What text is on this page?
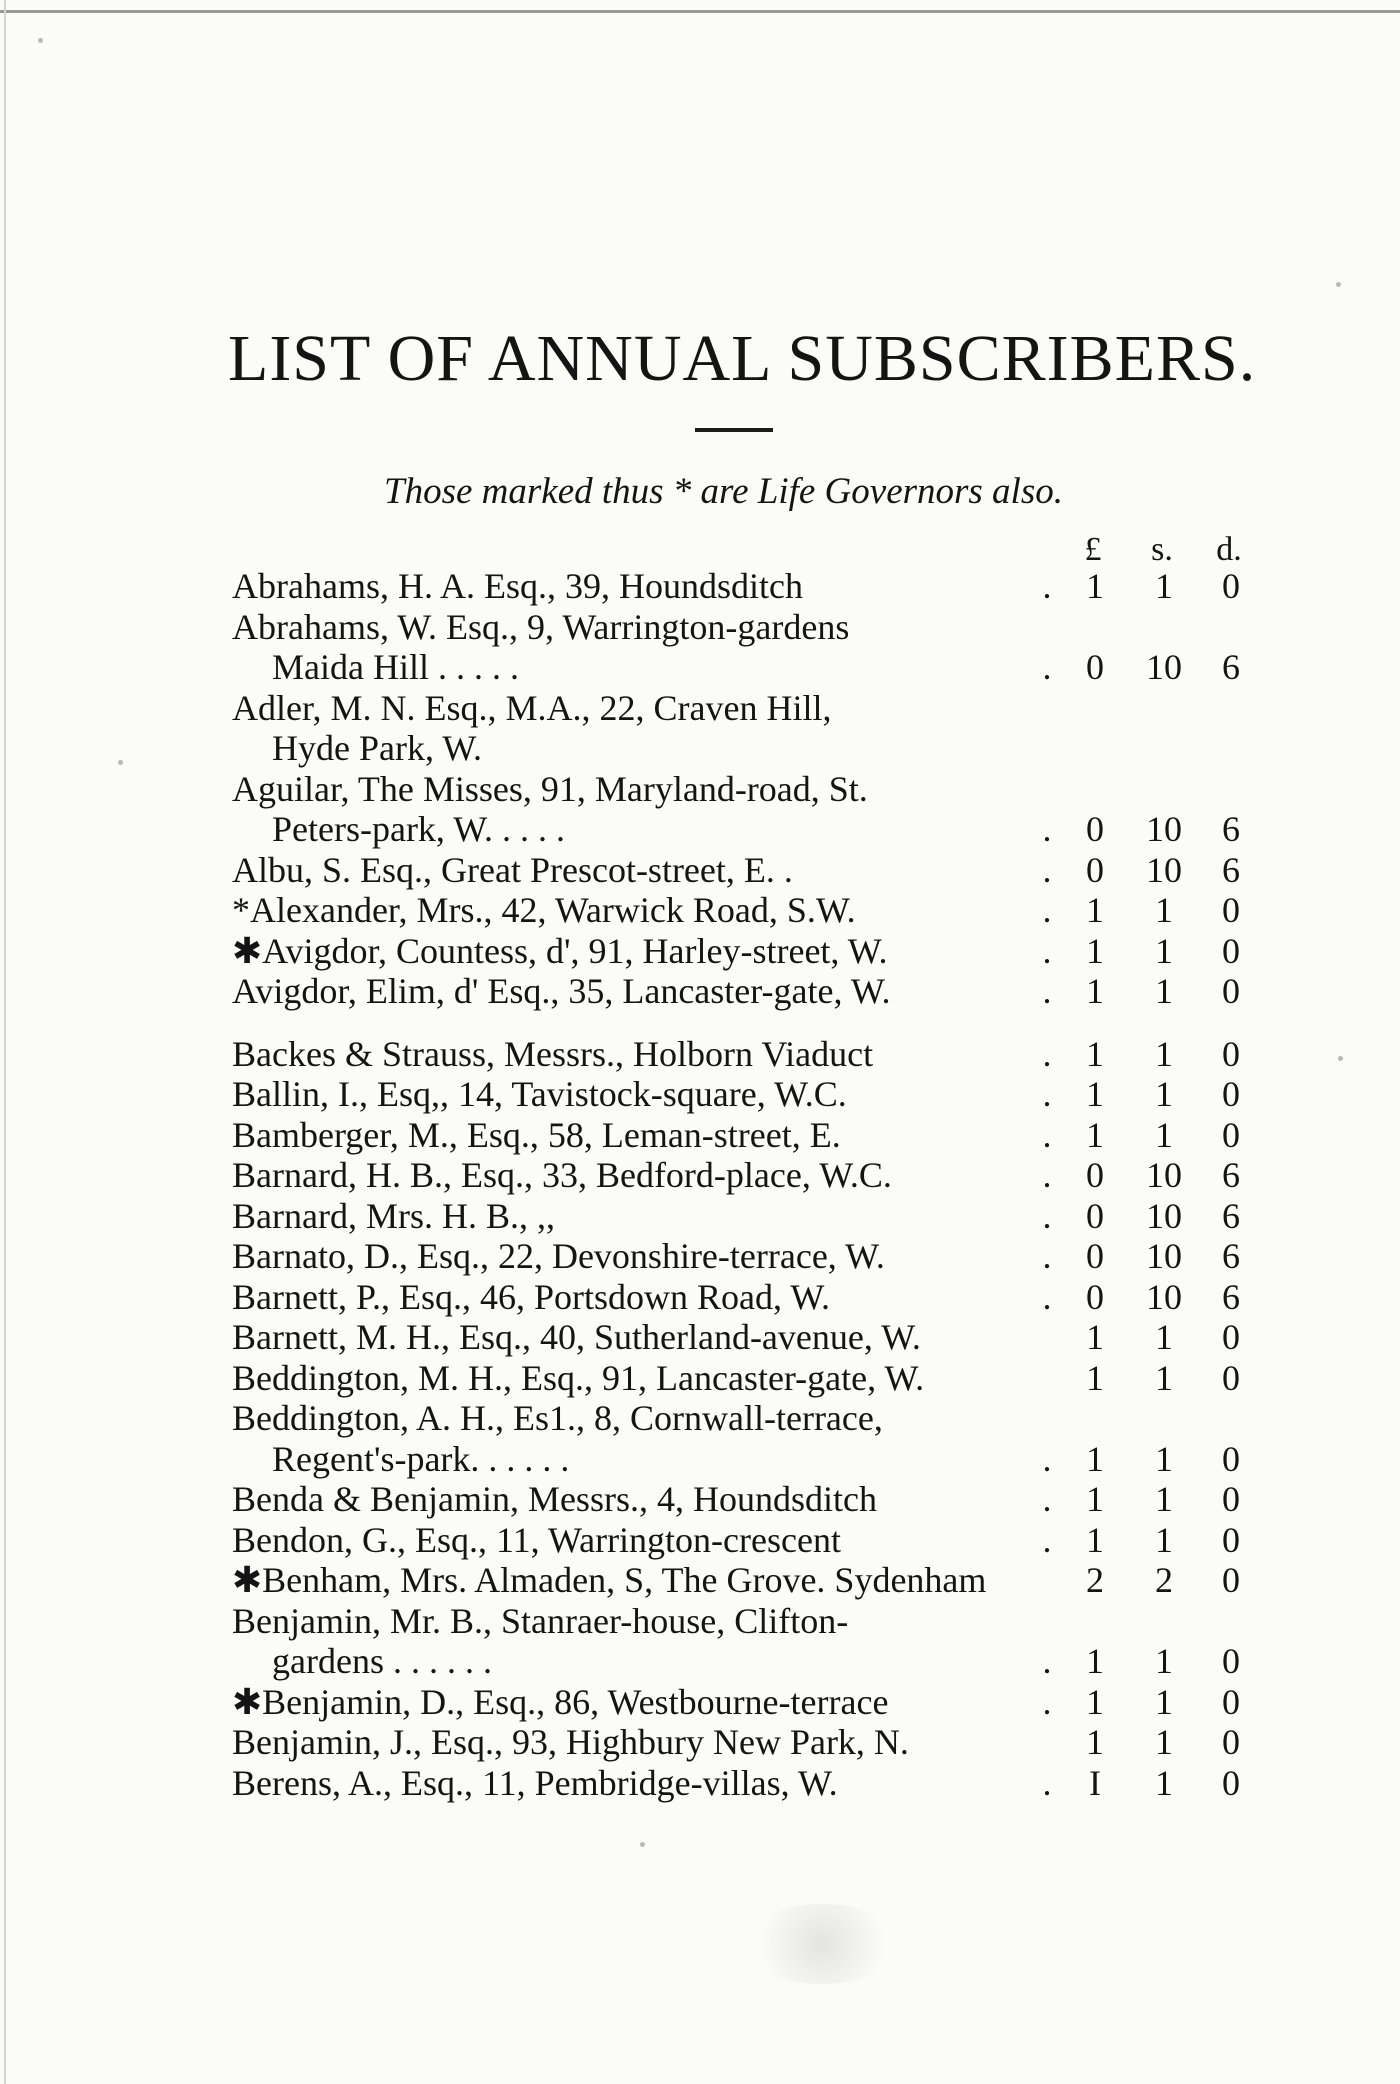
LIST OF ANNUAL SUBSCRIBERS.
Those marked thus * are Life Governors also.
£	s.	d.
Abrahams, H. A. Esq., 39, Houndsditch	. 1	1	0
Abrahams, W. Esq., 9, Warrington-gardens
Maida Hill . . . . .	. 0	10	6
Adler, M. N. Esq., M.A., 22, Craven Hill,
Hyde Park, W.
Aguilar, The Misses, 91, Maryland-road, St.
Peters-park, W. . . . .	. 0	10	6
Albu, S. Esq., Great Prescot-street, E. .	. 0	10	6
*Alexander, Mrs., 42, Warwick Road, S.W.	. 1	1	0
✱Avigdor, Countess, d', 91, Harley-street, W.	. 1	1	0
Avigdor, Elim, d' Esq., 35, Lancaster-gate, W.	. 1	1	0
Backes & Strauss, Messrs., Holborn Viaduct	. 1	1	0
Ballin, I., Esq,, 14, Tavistock-square, W.C.	. 1	1	0
Bamberger, M., Esq., 58, Leman-street, E.	. 1	1	0
Barnard, H. B., Esq., 33, Bedford-place, W.C.	. 0	10	6
Barnard, Mrs. H. B., ,,	. 0	10	6
Barnato, D., Esq., 22, Devonshire-terrace, W.	. 0	10	6
Barnett, P., Esq., 46, Portsdown Road, W.	. 0	10	6
Barnett, M. H., Esq., 40, Sutherland-avenue, W.	1	1	0
Beddington, M. H., Esq., 91, Lancaster-gate, W.	1	1	0
Beddington, A. H., Es1., 8, Cornwall-terrace,
Regent's-park. . . . . .	. 1	1	0
Benda & Benjamin, Messrs., 4, Houndsditch	. 1	1	0
Bendon, G., Esq., 11, Warrington-crescent	. 1	1	0
✱Benham, Mrs. Almaden, S, The Grove. Sydenham	2	2	0
Benjamin, Mr. B., Stanraer-house, Clifton-
gardens . . . . . .	. 1	1	0
✱Benjamin, D., Esq., 86, Westbourne-terrace	. 1	1	0
Benjamin, J., Esq., 93, Highbury New Park, N.	1	1	0
Berens, A., Esq., 11, Pembridge-villas, W.	.	I	1	0
